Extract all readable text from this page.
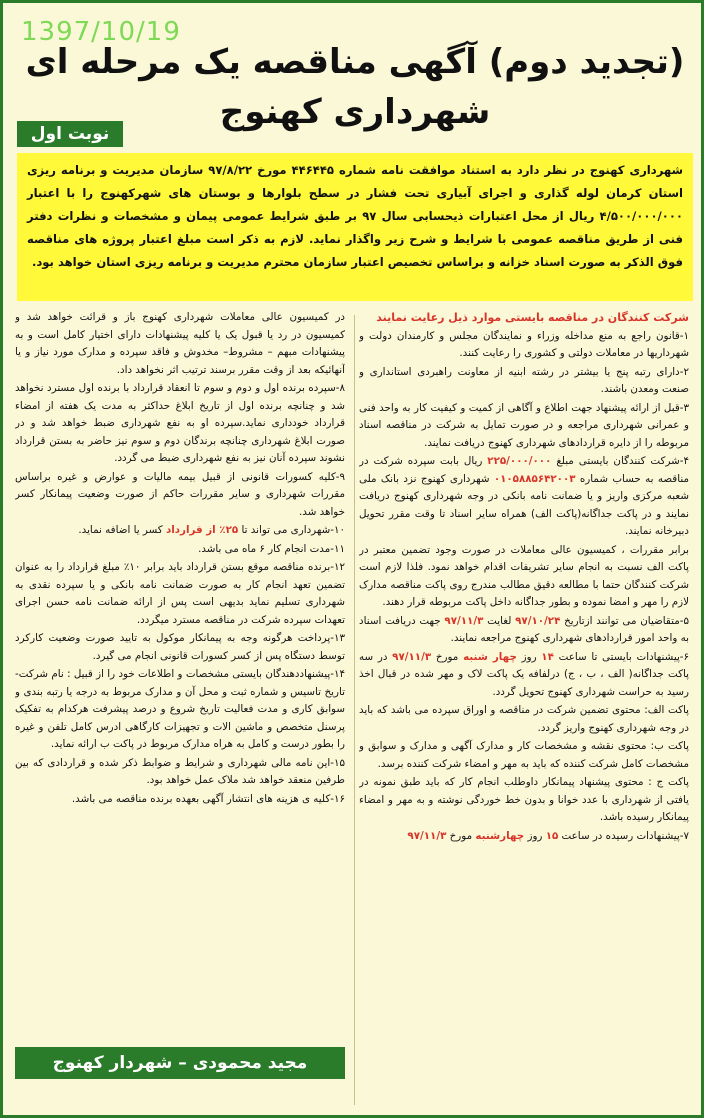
1397/10/19
(تجدید دوم) آگهی مناقصه یک مرحله ای
شهرداری کهنوج
نوبت اول
شهرداری کهنوج در نظر دارد به استناد موافقت نامه شماره ۴۴۶۴۴۵ مورخ ۹۷/۸/۲۲ سازمان مدیریت و برنامه ریزی استان کرمان لوله گذاری و اجرای آبیاری تحت فشار در سطح بلوارها و بوستان های شهرکهنوج را با اعتبار ۴/۵۰۰/۰۰۰/۰۰۰ ریال از محل اعتبارات ذیحسابی سال ۹۷ بر طبق شرایط عمومی پیمان و مشخصات و نظرات دفتر فنی از طریق مناقصه عمومی با شرایط و شرح زیر واگذار نماید. لازم به ذکر است مبلغ اعتبار پروژه های مناقصه فوق الذکر به صورت اسناد خزانه و براساس تخصیص اعتبار سازمان محترم مدیریت و برنامه ریزی استان خواهد بود.

شرکت کنندگان در مناقصه بایستی موارد ذیل رعایت نمایند

۱-قانون راجع به منع مداخله وزراء و نمایندگان مجلس و کارمندان دولت و شهرداریها در معاملات دولتی و کشوری را رعایت کنند.

۲-دارای رتبه پنج یا بیشتر در رشته ابنیه از معاونت راهبردی استانداری و صنعت ومعدن باشند.

۳-قبل از ارائه پیشنهاد جهت اطلاع و آگاهی از کمیت و کیفیت کار به واحد فنی و عمرانی شهرداری مراجعه و در صورت تمایل به شرکت در مناقصه اسناد مربوطه را از دایره قراردادهای شهرداری کهنوج دریافت نمایند.

۴-شرکت کنندگان بایستی مبلغ ۲۲۵/۰۰۰/۰۰۰ ریال بابت سپرده شرکت در مناقصه به حساب شماره ۰۱۰۵۸۸۵۶۴۲۰۰۳ شهرداری کهنوج نزد بانک ملی شعبه مرکزی واریز و یا ضمانت نامه بانکی در وجه شهرداری کهنوج دریافت نمایند و در پاکت جداگانه(پاکت الف) همراه سایر اسناد تا وقت مقرر تحویل دبیرخانه نمایند.

برابر مقررات ، کمیسیون عالی معاملات در صورت وجود تضمین معتبر در پاکت الف نسبت به انجام سایر تشریفات اقدام خواهد نمود. فلذا لازم است شرکت کنندگان حتما با مطالعه دقیق مطالب مندرج روی پاکت مناقصه مدارک لازم را مهر و امضا نموده و بطور جداگانه داخل پاکت مربوطه قرار دهند.

۵-متقاضیان می توانند ازتاریخ ۹۷/۱۰/۲۴ لغایت ۹۷/۱۱/۳ جهت دریافت اسناد به واحد امور قراردادهای شهرداری کهنوج مراجعه نمایند.

۶-پیشنهادات بایستی تا ساعت ۱۴ روز چهار شنبه مورخ ۹۷/۱۱/۳ در سه پاکت جداگانه( الف ، ب ، ج) درلفافه یک پاکت لاک و مهر شده در قبال اخذ رسید به حراست شهرداری کهنوج تحویل گردد.

پاکت الف: محتوی تضمین شرکت در مناقصه و اوراق سپرده می باشد که باید در وجه شهرداری کهنوج واریز گردد.

پاکت ب: محتوی نقشه و مشخصات کار و مدارک آگهی و مدارک و سوابق و مشخصات کامل شرکت کننده که باید به مهر و امضاء شرکت کننده برسد.

پاکت ج : محتوی پیشنهاد پیمانکار داوطلب انجام کار که باید طبق نمونه در یافتی از شهرداری با عدد خوانا و بدون خط خوردگی نوشته و به مهر و امضاء پیمانکار رسیده باشد.

۷-پیشنهادات رسیده در ساعت ۱۵ روز چهارشنبه مورخ ۹۷/۱۱/۳

در کمیسیون عالی معاملات شهرداری کهنوج باز و قرائت خواهد شد و کمیسیون در رد یا قبول یک یا کلیه پیشنهادات دارای اختیار کامل است و به پیشنهادات مبهم – مشروط– مخدوش و فاقد سپرده و مدارک مورد نیاز و یا آنهائیکه بعد از وقت مقرر برسند ترتیب اثر نخواهد داد.

۸-سپرده برنده اول و دوم و سوم تا انعقاد قرارداد با برنده اول مسترد نخواهد شد و چنانچه برنده اول از تاریخ ابلاغ حداکثر به مدت یک هفته از امضاء قرارداد خودداری نماید.سپرده او به نفع شهرداری ضبط خواهد شد و در صورت ابلاغ شهرداری چنانچه برندگان دوم و سوم نیز حاضر به بستن قرارداد نشوند سپرده آنان نیز به نفع شهرداری ضبط می گردد.

۹-کلیه کسورات قانونی از قبیل بیمه مالیات و عوارض و غیره براساس مقررات شهرداری و سایر مقررات حاکم از صورت وضعیت پیمانکار کسر خواهد شد.

۱۰-شهرداری می تواند تا ۲۵٪ از قرارداد کسر یا اضافه نماید.

۱۱-مدت انجام کار ۶ ماه می باشد.

۱۲-برنده مناقصه موقع بستن قرارداد باید برابر ۱۰٪ مبلغ قرارداد را به عنوان تضمین تعهد انجام کار به صورت ضمانت نامه بانکی و یا سپرده نقدی به شهرداری تسلیم نماید بدیهی است پس از ارائه ضمانت نامه حسن اجرای تعهدات سپرده شرکت در مناقصه مسترد میگردد.

۱۳-پرداخت هرگونه وجه به پیمانکار موکول به تایید صورت وضعیت کارکرد توسط دستگاه پس از کسر کسورات قانونی انجام می گیرد.

۱۴-پیشنهاددهندگان بایستی مشخصات و اطلاعات خود را از قبیل : نام شرکت- تاریخ تاسیس و شماره ثبت و محل آن و مدارک مربوط به درجه یا رتبه بندی و سوابق کاری و مدت فعالیت تاریخ شروع و درصد پیشرفت هرکدام به تفکیک پرسنل متخصص و ماشین الات و تجهیزات کارگاهی ادرس کامل تلفن و غیره را بطور درست و کامل به هراه مدارک مربوط در پاکت ب ارائه نماید.

۱۵-این نامه مالی شهرداری و شرایط و ضوابط ذکر شده و قراردادی که بین طرفین منعقد خواهد شد ملاک عمل خواهد بود.

۱۶-کلیه ی هزینه های انتشار آگهی بعهده برنده مناقصه می باشد.

مجید محمودی – شهردار کهنوج
